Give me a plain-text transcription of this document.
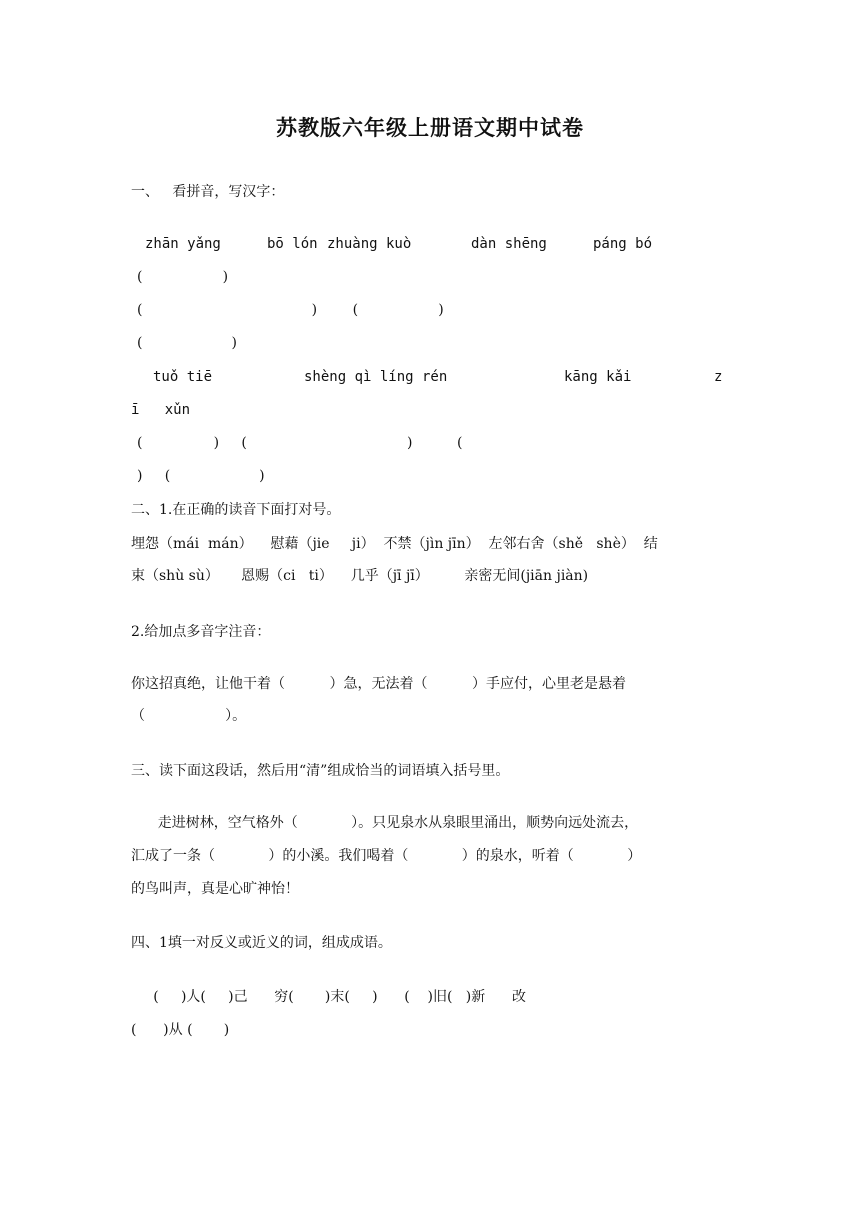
苏教版六年级上册语文期中试卷
一、   看拼音，写汉字：
zhān yǎng	bō lón zhuàng kuò	dàn shēng	páng bó
(                  )
(                                      )        (                  )
(                    )
tuǒ tiē	shèng qì líng rén	kāng kǎi	z
ī   xǔn
(                )     (                                    )          (
)     (                    )
二、1.在正确的读音下面打对号。
埋怨（mái  mán）    慰藉（jie     ji）  不禁（jìn jīn）  左邻右舍（shě   shè）  结
束（shù sù）     恩赐（ci   ti）    几乎（jī jī）        亲密无间(jiān jiàn)
2.给加点多音字注音：
你这招真绝，让他干着（          ）急，无法着（          ）手应付，心里老是悬着
（                  ）。
三、读下面这段话，然后用“清”组成恰当的词语填入括号里。
走进树林，空气格外（            ）。只见泉水从泉眼里涌出，顺势向远处流去，
汇成了一条（            ）的小溪。我们喝着（            ）的泉水，听着（            ）
的鸟叫声，真是心旷神怡！
四、1填一对反义或近义的词，组成成语。
(     )人(     )己      穷(       )末(     )      (    )旧(   )新      改
(      )从 (       )
